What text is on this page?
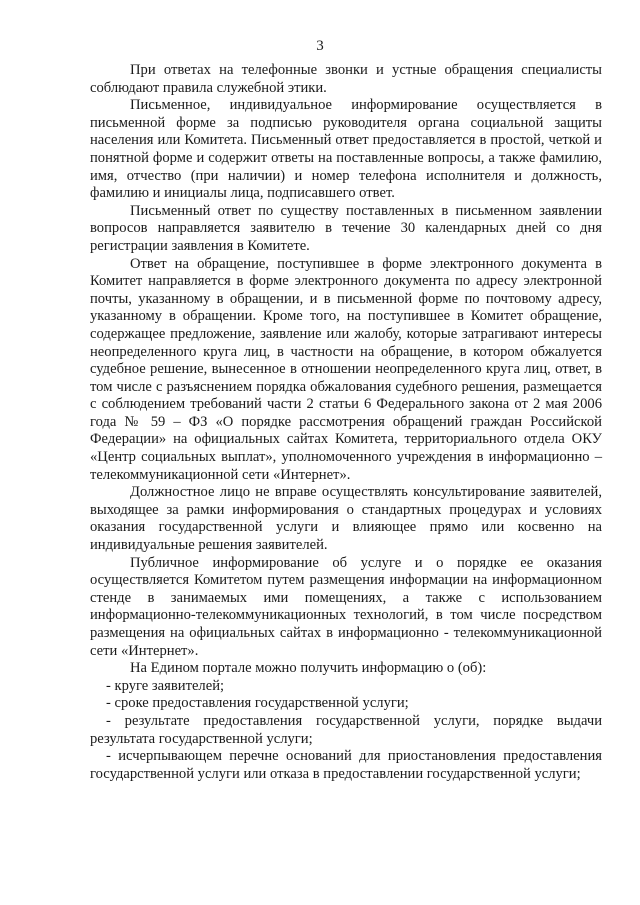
3

При ответах на телефонные звонки и устные обращения специалисты соблюдают правила служебной этики.

Письменное, индивидуальное информирование осуществляется в письменной форме за подписью руководителя органа социальной защиты населения или Комитета. Письменный ответ предоставляется в простой, четкой и понятной форме и содержит ответы на поставленные вопросы, а также фамилию, имя, отчество (при наличии) и номер телефона исполнителя и должность, фамилию и инициалы лица, подписавшего ответ.

Письменный ответ по существу поставленных в письменном заявлении вопросов направляется заявителю в течение 30 календарных дней со дня регистрации заявления в Комитете.

Ответ на обращение, поступившее в форме электронного документа в Комитет направляется в форме электронного документа по адресу электронной почты, указанному в обращении, и в письменной форме по почтовому адресу, указанному в обращении. Кроме того, на поступившее в Комитет обращение, содержащее предложение, заявление или жалобу, которые затрагивают интересы неопределенного круга лиц, в частности на обращение, в котором обжалуется судебное решение, вынесенное в отношении неопределенного круга лиц, ответ, в том числе с разъяснением порядка обжалования судебного решения, размещается с соблюдением требований части 2 статьи 6 Федерального закона от 2 мая 2006 года № 59 – ФЗ «О порядке рассмотрения обращений граждан Российской Федерации» на официальных сайтах Комитета, территориального отдела ОКУ «Центр социальных выплат», уполномоченного учреждения в информационно – телекоммуникационной сети «Интернет».

Должностное лицо не вправе осуществлять консультирование заявителей, выходящее за рамки информирования о стандартных процедурах и условиях оказания государственной услуги и влияющее прямо или косвенно на индивидуальные решения заявителей.

Публичное информирование об услуге и о порядке ее оказания осуществляется Комитетом путем размещения информации на информационном стенде в занимаемых ими помещениях, а также с использованием информационно-телекоммуникационных технологий, в том числе посредством размещения на официальных сайтах в информационно - телекоммуникационной сети «Интернет».

На Едином портале можно получить информацию о (об):

- круге заявителей;

- сроке предоставления государственной услуги;

- результате предоставления государственной услуги, порядке выдачи результата государственной услуги;

- исчерпывающем перечне оснований для приостановления предоставления государственной услуги или отказа в предоставлении государственной услуги;
